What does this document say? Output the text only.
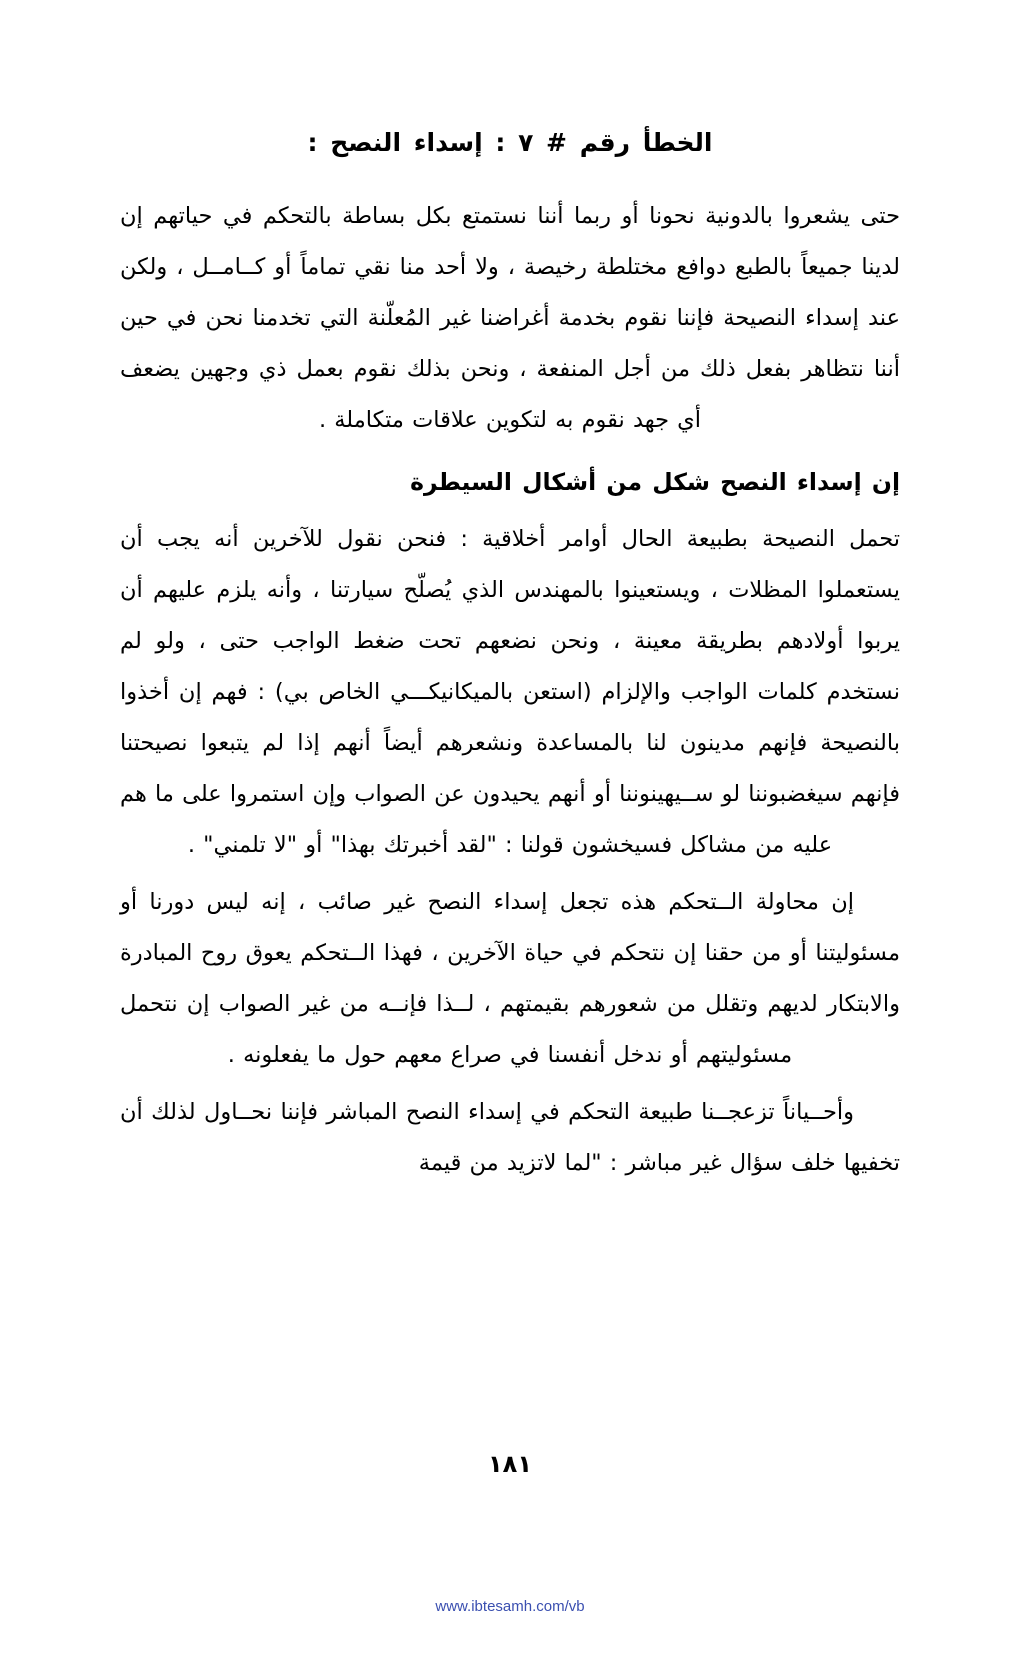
الخطأ رقم # ٧ : إسداء النصح :

حتى يشعروا بالدونية نحونا أو ربما أننا نستمتع بكل بساطة بالتحكم في حياتهم إن لدينا جميعاً بالطبع دوافع مختلطة رخيصة ، ولا أحد منا نقي تماماً أو كــامــل ، ولكن عند إسداء النصيحة فإننا نقوم بخدمة أغراضنا غير المُعلّنة التي تخدمنا نحن في حين أننا نتظاهر بفعل ذلك من أجل المنفعة ، ونحن بذلك نقوم بعمل ذي وجهين يضعف أي جهد نقوم به لتكوين علاقات متكاملة .

إن إسداء النصح شكل من أشكال السيطرة

تحمل النصيحة بطبيعة الحال أوامر أخلاقية : فنحن نقول للآخرين أنه يجب أن يستعملوا المظلات ، ويستعينوا بالمهندس الذي يُصلّح سيارتنا ، وأنه يلزم عليهم أن يربوا أولادهم بطريقة معينة ، ونحن نضعهم تحت ضغط الواجب حتى ، ولو لم نستخدم كلمات الواجب والإلزام (استعن بالميكانيكـــي الخاص بي) : فهم إن أخذوا بالنصيحة فإنهم مدينون لنا بالمساعدة ونشعرهم أيضاً أنهم إذا لم يتبعوا نصيحتنا فإنهم سيغضبوننا لو ســيهينوننا أو أنهم يحيدون عن الصواب وإن استمروا على ما هم عليه من مشاكل فسيخشون قولنا : "لقد أخبرتك بهذا" أو "لا تلمني" .

إن محاولة الــتحكم هذه تجعل إسداء النصح غير صائب ، إنه ليس دورنا أو مسئوليتنا أو من حقنا إن نتحكم في حياة الآخرين ، فهذا الــتحكم يعوق روح المبادرة والابتكار لديهم وتقلل من شعورهم بقيمتهم ، لــذا فإنــه من غير الصواب إن نتحمل مسئوليتهم أو ندخل أنفسنا في صراع معهم حول ما يفعلونه .

وأحــياناً تزعجــنا طبيعة التحكم في إسداء النصح المباشر فإننا نحــاول لذلك أن تخفيها خلف سؤال غير مباشر : "لما لاتزيد من قيمة

١٨١
www.ibtesamh.com/vb
